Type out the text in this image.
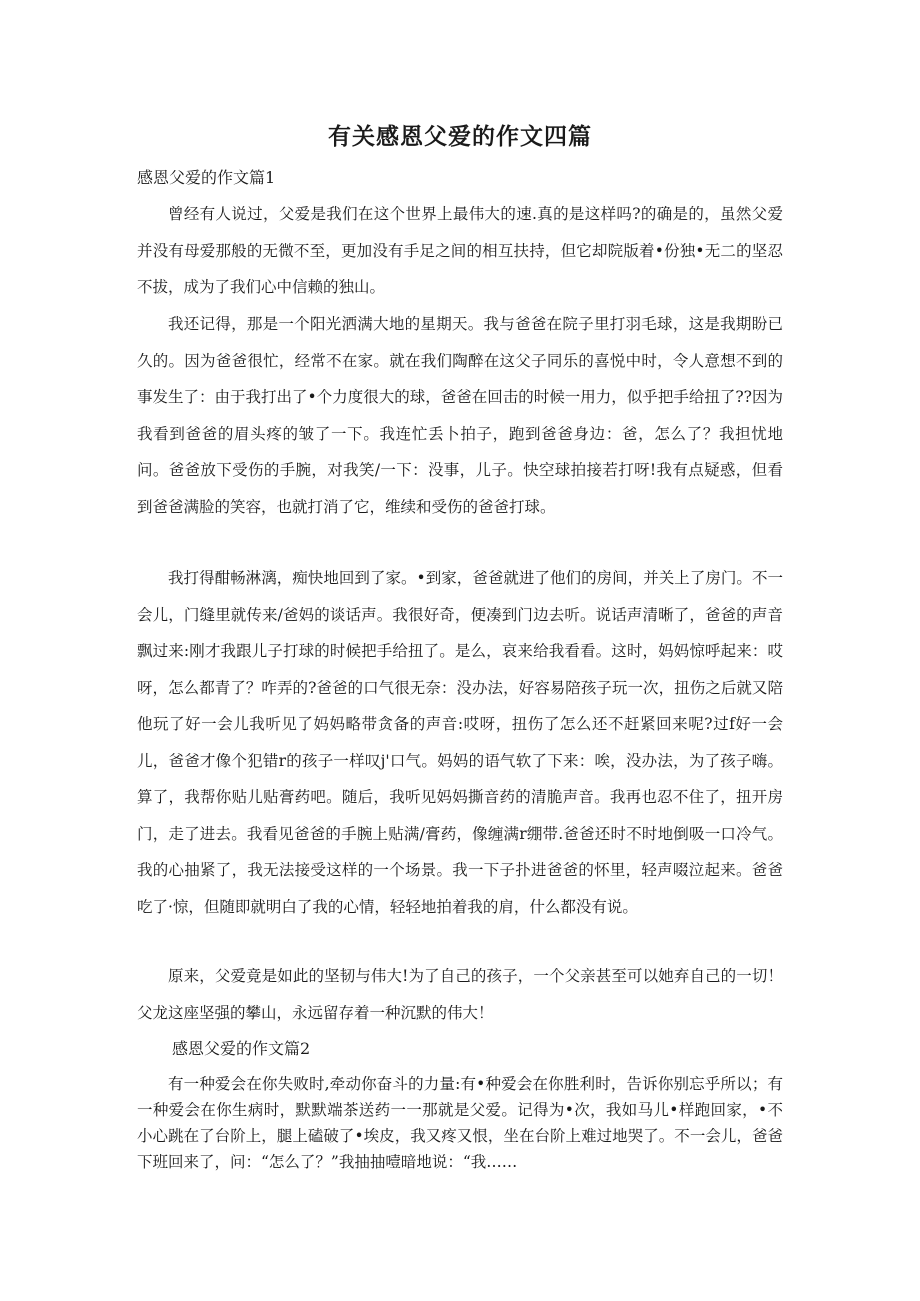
有关感恩父爱的作文四篇
感恩父爱的作文篇1

曾经有人说过，父爱是我们在这个世界上最伟大的速.真的是这样吗?的确是的，虽然父爱并没有母爱那般的无微不至，更加没有手足之间的相互扶持，但它却院版着•份独•无二的坚忍不拔，成为了我们心中信赖的独山。

我还记得，那是一个阳光洒满大地的星期天。我与爸爸在院子里打羽毛球，这是我期盼已久的。因为爸爸很忙，经常不在家。就在我们陶醉在这父子同乐的喜悦中时，令人意想不到的事发生了：由于我打出了•个力度很大的球，爸爸在回击的时候一用力，似乎把手给扭了??因为我看到爸爸的眉头疼的皱了一下。我连忙丢卜拍子，跑到爸爸身边：爸，怎么了？我担忧地问。爸爸放下受伤的手腕，对我笑/一下：没事，儿子。快空球拍接若打呀!我有点疑惑，但看到爸爸满脸的笑容，也就打消了它，维续和受伤的爸爸打球。

我打得酣畅淋漓，痴快地回到了家。•到家，爸爸就进了他们的房间，并关上了房门。不一会儿，门缝里就传来/爸妈的谈话声。我很好奇，便凑到门边去听。说话声清晰了，爸爸的声音飘过来:刚才我跟儿子打球的时候把手给扭了。是么，哀来给我看看。这时，妈妈惊呼起来：哎呀，怎么都青了？咋弄的?爸爸的口气很无奈：没办法，好容易陪孩子玩一次，扭伤之后就又陪他玩了好一会儿我听见了妈妈略带贪备的声音:哎呀，扭伤了怎么还不赶紧回来呢?过f好一会儿，爸爸才像个犯错r的孩子一样叹j'口气。妈妈的语气软了下来：唉，没办法，为了孩子嗨。算了，我帮你贴儿贴膏药吧。随后，我听见妈妈撕音药的清脆声音。我再也忍不住了，扭开房门，走了进去。我看见爸爸的手腕上贴满/膏药，像缠满r绷带.爸爸还时不时地倒吸一口冷气。我的心抽紧了，我无法接受这样的一个场景。我一下子扑进爸爸的怀里，轻声啜泣起来。爸爸吃了·惊，但随即就明白了我的心情，轻轻地拍着我的肩，什么都没有说。

原来，父爱竟是如此的坚韧与伟大!为了自己的孩子，一个父亲甚至可以她弃自己的一切！父龙这座坚强的攀山，永远留存着一种沉默的伟大！

感恩父爱的作文篇2

有一种爱会在你失败时,牵动你奋斗的力量:有•种爱会在你胜利时，告诉你别忘乎所以；有一种爱会在你生病时，默默端茶送药一一那就是父爱。记得为•次，我如马儿•样跑回家，•不小心跳在了台阶上，腿上磕破了•埃皮，我又疼又恨，坐在台阶上难过地哭了。不一会儿，爸爸下班回来了，问：“怎么了？”我抽抽噎暗地说：“我……
